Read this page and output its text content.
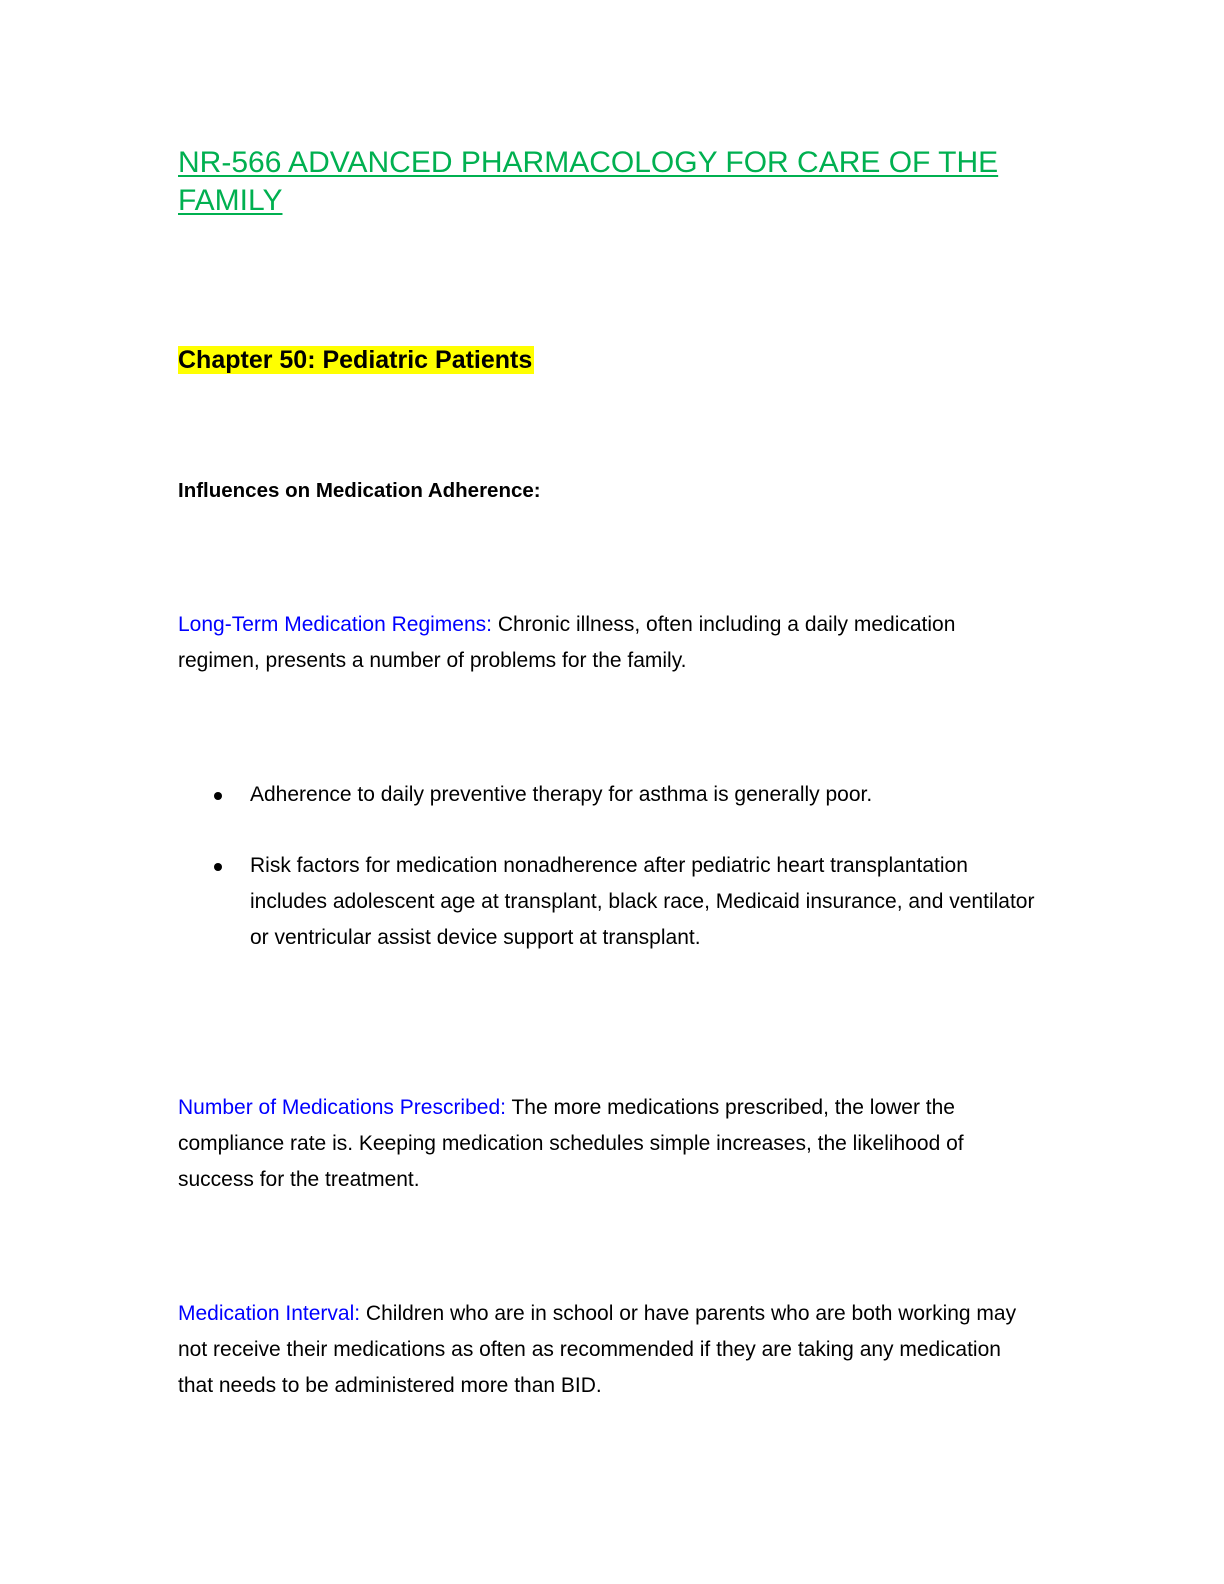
NR-566 ADVANCED PHARMACOLOGY FOR CARE OF THE FAMILY
Chapter 50: Pediatric Patients
Influences on Medication Adherence:

Long-Term Medication Regimens: Chronic illness, often including a daily medication regimen, presents a number of problems for the family.

Adherence to daily preventive therapy for asthma is generally poor.
Risk factors for medication nonadherence after pediatric heart transplantation includes adolescent age at transplant, black race, Medicaid insurance, and ventilator or ventricular assist device support at transplant.

Number of Medications Prescribed: The more medications prescribed, the lower the compliance rate is. Keeping medication schedules simple increases, the likelihood of success for the treatment.

Medication Interval: Children who are in school or have parents who are both working may not receive their medications as often as recommended if they are taking any medication that needs to be administered more than BID.
